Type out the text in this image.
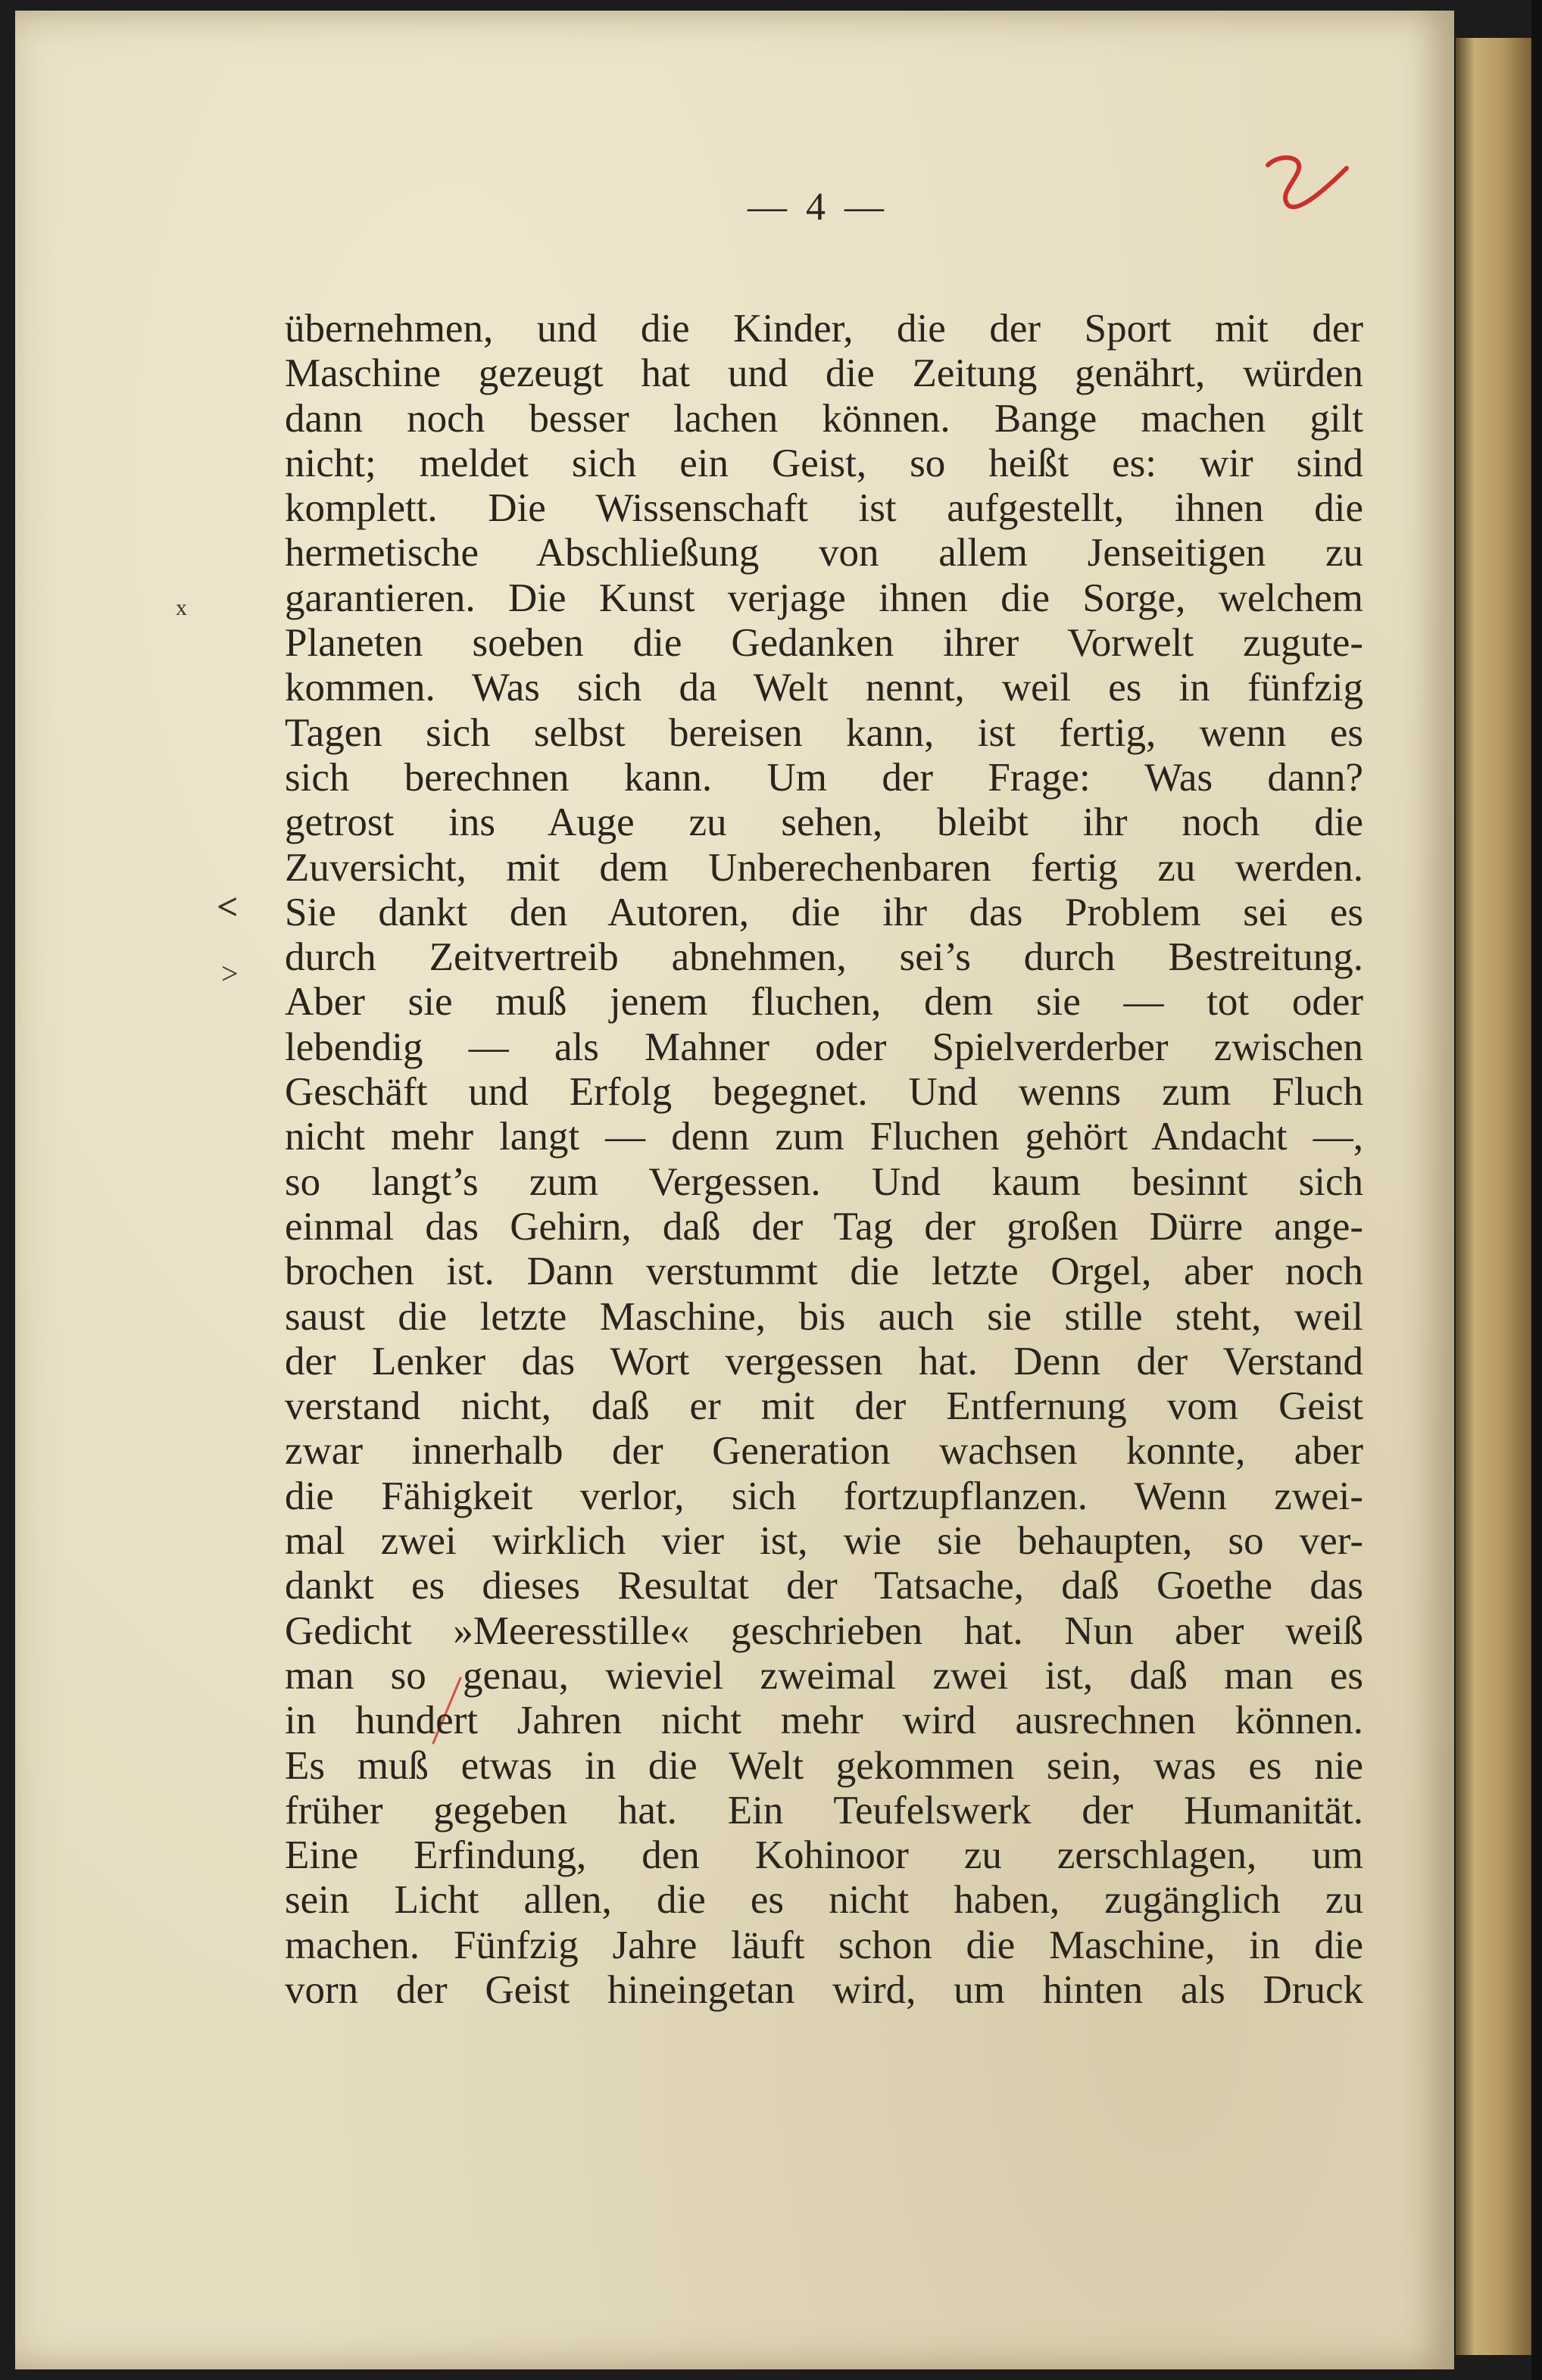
— 4 —
x
<
>
übernehmen, und die Kinder, die der Sport mit der
Maschine gezeugt hat und die Zeitung genährt, würden
dann noch besser lachen können. Bange machen gilt
nicht; meldet sich ein Geist, so heißt es: wir sind
komplett. Die Wissenschaft ist aufgestellt, ihnen die
hermetische Abschließung von allem Jenseitigen zu
garantieren. Die Kunst verjage ihnen die Sorge, welchem
Planeten soeben die Gedanken ihrer Vorwelt zugute-
kommen. Was sich da Welt nennt, weil es in fünfzig
Tagen sich selbst bereisen kann, ist fertig, wenn es
sich berechnen kann. Um der Frage: Was dann?
getrost ins Auge zu sehen, bleibt ihr noch die
Zuversicht, mit dem Unberechenbaren fertig zu werden.
Sie dankt den Autoren, die ihr das Problem sei es
durch Zeitvertreib abnehmen, sei’s durch Bestreitung.
Aber sie muß jenem fluchen, dem sie — tot oder
lebendig — als Mahner oder Spielverderber zwischen
Geschäft und Erfolg begegnet. Und wenns zum Fluch
nicht mehr langt — denn zum Fluchen gehört Andacht —,
so langt’s zum Vergessen. Und kaum besinnt sich
einmal das Gehirn, daß der Tag der großen Dürre ange-
brochen ist. Dann verstummt die letzte Orgel, aber noch
saust die letzte Maschine, bis auch sie stille steht, weil
der Lenker das Wort vergessen hat. Denn der Verstand
verstand nicht, daß er mit der Entfernung vom Geist
zwar innerhalb der Generation wachsen konnte, aber
die Fähigkeit verlor, sich fortzupflanzen. Wenn zwei-
mal zwei wirklich vier ist, wie sie behaupten, so ver-
dankt es dieses Resultat der Tatsache, daß Goethe das
Gedicht »Meeresstille« geschrieben hat. Nun aber weiß
man so genau, wieviel zweimal zwei ist, daß man es
in hundert Jahren nicht mehr wird ausrechnen können.
Es muß etwas in die Welt gekommen sein, was es nie
früher gegeben hat. Ein Teufelswerk der Humanität.
Eine Erfindung, den Kohinoor zu zerschlagen, um
sein Licht allen, die es nicht haben, zugänglich zu
machen. Fünfzig Jahre läuft schon die Maschine, in die
vorn der Geist hineingetan wird, um hinten als Druck
